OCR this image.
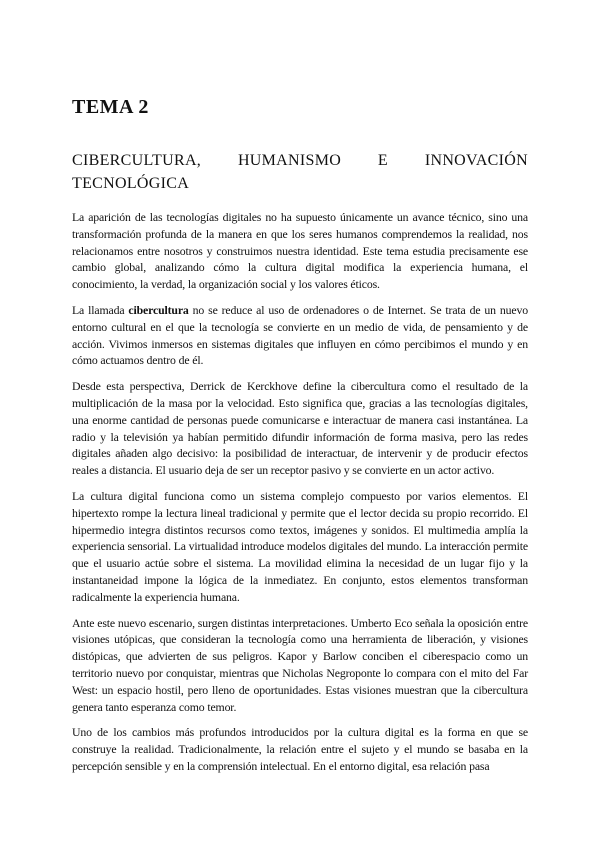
TEMA 2
CIBERCULTURA, HUMANISMO E INNOVACIÓN TECNOLÓGICA

La aparición de las tecnologías digitales no ha supuesto únicamente un avance técnico, sino una transformación profunda de la manera en que los seres humanos comprendemos la realidad, nos relacionamos entre nosotros y construimos nuestra identidad. Este tema estudia precisamente ese cambio global, analizando cómo la cultura digital modifica la experiencia humana, el conocimiento, la verdad, la organización social y los valores éticos.

La llamada cibercultura no se reduce al uso de ordenadores o de Internet. Se trata de un nuevo entorno cultural en el que la tecnología se convierte en un medio de vida, de pensamiento y de acción. Vivimos inmersos en sistemas digitales que influyen en cómo percibimos el mundo y en cómo actuamos dentro de él.

Desde esta perspectiva, Derrick de Kerckhove define la cibercultura como el resultado de la multiplicación de la masa por la velocidad. Esto significa que, gracias a las tecnologías digitales, una enorme cantidad de personas puede comunicarse e interactuar de manera casi instantánea. La radio y la televisión ya habían permitido difundir información de forma masiva, pero las redes digitales añaden algo decisivo: la posibilidad de interactuar, de intervenir y de producir efectos reales a distancia. El usuario deja de ser un receptor pasivo y se convierte en un actor activo.

La cultura digital funciona como un sistema complejo compuesto por varios elementos. El hipertexto rompe la lectura lineal tradicional y permite que el lector decida su propio recorrido. El hipermedio integra distintos recursos como textos, imágenes y sonidos. El multimedia amplía la experiencia sensorial. La virtualidad introduce modelos digitales del mundo. La interacción permite que el usuario actúe sobre el sistema. La movilidad elimina la necesidad de un lugar fijo y la instantaneidad impone la lógica de la inmediatez. En conjunto, estos elementos transforman radicalmente la experiencia humana.

Ante este nuevo escenario, surgen distintas interpretaciones. Umberto Eco señala la oposición entre visiones utópicas, que consideran la tecnología como una herramienta de liberación, y visiones distópicas, que advierten de sus peligros. Kapor y Barlow conciben el ciberespacio como un territorio nuevo por conquistar, mientras que Nicholas Negroponte lo compara con el mito del Far West: un espacio hostil, pero lleno de oportunidades. Estas visiones muestran que la cibercultura genera tanto esperanza como temor.

Uno de los cambios más profundos introducidos por la cultura digital es la forma en que se construye la realidad. Tradicionalmente, la relación entre el sujeto y el mundo se basaba en la percepción sensible y en la comprensión intelectual. En el entorno digital, esa relación pasa
